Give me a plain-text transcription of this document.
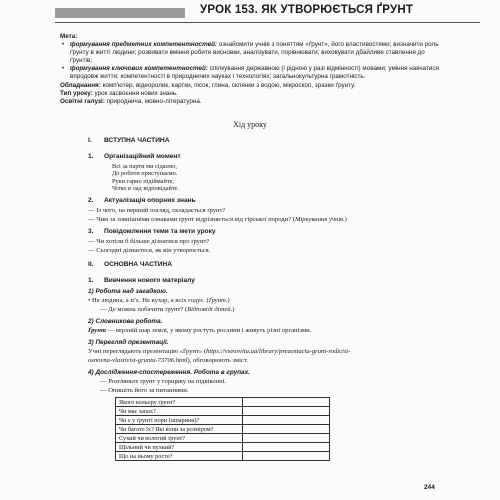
УРОК 153. ЯК УТВОРЮЄТЬСЯ ҐРУНТ

Мета:

• формування предметних компетентностей: ознайомити учнів з поняттям «ґрунт», його властивостями; визначити роль ґрунту в житті людини; розвивати вміння робити висновки, аналізувати, порівнювати; виховувати дбайливе ставлення до ґрунтів;
• формування ключових компетентностей: спілкування державною (і рідною у разі відмінності) мовами; уміння навчатися впродовж життя; компетентності в природничих науках і технологіях; загальнокультурна грамотність.

Обладнання: комп’ютер, відеоролик, картки, пісок, глина, склянки з водою, мікроскоп, зразки ґрунту.

Тип уроку: урок засвоєння нових знань.

Освітні галузі: природнича, мовно-літературна.

Хід уроку
I. ВСТУПНА ЧАСТИНА
1. Організаційний момент
Всі за парти ми сідаємо,
До роботи приступаємо.
Руки гарно підіймайте,
Чітко в лад відповідайте.
2. Актуалізація опорних знань
— Із чого, на перший погляд, складається ґрунт?
— Чим за зовнішніми ознаками ґрунт відрізняється від гірської породи? (Міркування учнів.)
3. Повідомлення теми та мети уроку
— Чи хотіли б більше дізнатися про ґрунт?
— Сьогодні дізнаєтеся, як він утворюється.
II. ОСНОВНА ЧАСТИНА
1. Вивчення нового матеріалу
1) Робота над загадкою.
• Не людина, а п’є. Не кухар, а всіх годує. (Ґрунт.)
— Де можна побачити ґрунт? (Відповіді дітей.)
2) Словникова робота.
Ґрунт — верхній шар землі, у якому ростуть рослини і живуть різні організми.
3) Перегляд презентації.
Учні переглядають презентацію «Ґрунт» (https://vseosvita.ua/library/prezentacia-grunt-rodicist-
osnovna-vlastivist-gruntu-73706.html), обговорюють зміст.
4) Дослідження-спостереження. Робота в групах.
— Розгляньте ґрунт у горщику на підвіконні.
— Опишіть його за питаннями.
Якого кольору ґрунт?	
Чи має запах?	
Чи є у ґрунті пори (шпарини)?	
Чи багато їх? Які вони за розміром?	
Сухий чи вологий ґрунт?	
Щільний чи пухкий?	
Що на ньому росте?	
244
